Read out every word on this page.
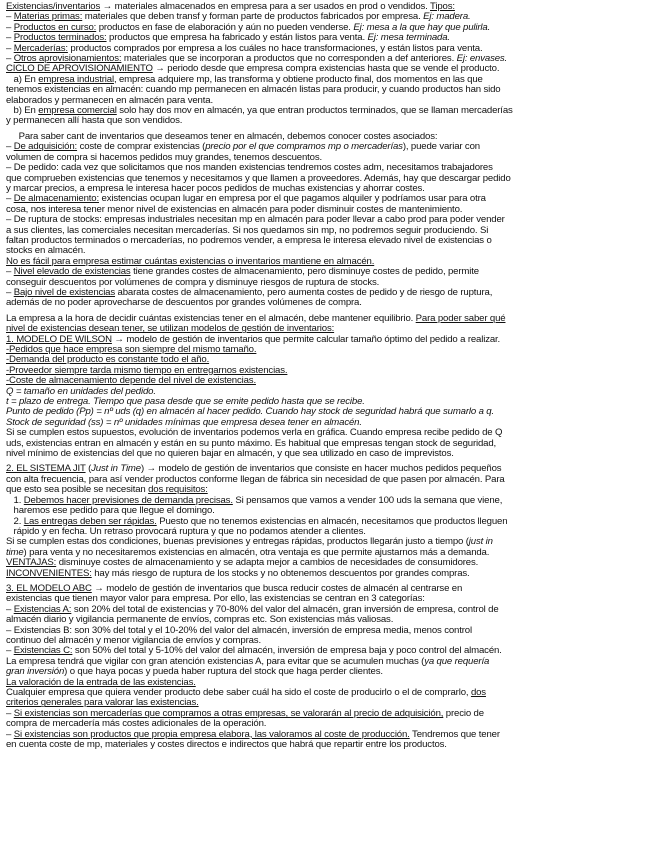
Existencias/inventarios → materiales almacenados en empresa para a ser usados en prod o vendidos. Tipos:
– Materias primas: materiales que deben transf y forman parte de productos fabricados por empresa. Ej: madera.
– Productos en curso: productos en fase de elaboración y aún no pueden venderse. Ej: mesa a la que hay que pulirla.
– Productos terminados: productos que empresa ha fabricado y están listos para venta. Ej: mesa terminada.
– Mercaderías: productos comprados por empresa a los cuáles no hace transformaciones, y están listos para venta.
– Otros aprovisionamientos: materiales que se incorporan a productos que no corresponden a def anteriores. Ej: envases.
CICLO DE APROVISIONAMIENTO → periodo desde que empresa compra existencias hasta que se vende el producto.
a) En empresa industrial, empresa adquiere mp, las transforma y obtiene producto final, dos momentos en las que
tenemos existencias en almacén: cuando mp permanecen en almacén listas para producir, y cuando productos han sido
elaborados y permanecen en almacén para venta.
b) En empresa comercial solo hay dos mov en almacén, ya que entran productos terminados, que se llaman mercaderías
y permanecen allí hasta que son vendidos.
Para saber cant de inventarios que deseamos tener en almacén, debemos conocer costes asociados:
– De adquisición: coste de comprar existencias (precio por el que compramos mp o mercaderías), puede variar con
volumen de compra si hacemos pedidos muy grandes, tenemos descuentos.
– De pedido: cada vez que solicitamos que nos manden existencias tendremos costes adm, necesitamos trabajadores
que comprueben existencias que tenemos y necesitamos y que llamen a proveedores. Además, hay que descargar pedido
y marcar precios, a empresa le interesa hacer pocos pedidos de muchas existencias y ahorrar costes.
– De almacenamiento: existencias ocupan lugar en empresa por el que pagamos alquiler y podríamos usar para otra
cosa, nos interesa tener menor nivel de existencias en almacén para poder disminuir costes de mantenimiento.
– De ruptura de stocks: empresas industriales necesitan mp en almacén para poder llevar a cabo prod para poder vender
a sus clientes, las comerciales necesitan mercaderías. Si nos quedamos sin mp, no podremos seguir produciendo. Si
faltan productos terminados o mercaderías, no podremos vender, a empresa le interesa elevado nivel de existencias o
stocks en almacén.
No es fácil para empresa estimar cuántas existencias o inventarios mantiene en almacén.
– Nivel elevado de existencias tiene grandes costes de almacenamiento, pero disminuye costes de pedido, permite
conseguir descuentos por volúmenes de compra y disminuye riesgos de ruptura de stocks.
– Bajo nivel de existencias abarata costes de almacenamiento, pero aumenta costes de pedido y de riesgo de ruptura,
además de no poder aprovecharse de descuentos por grandes volúmenes de compra.
La empresa a la hora de decidir cuántas existencias tener en el almacén, debe mantener equilibrio. Para poder saber qué
nivel de existencias desean tener, se utilizan modelos de gestión de inventarios:
1. MODELO DE WILSON → modelo de gestión de inventarios que permite calcular tamaño óptimo del pedido a realizar.
-Pedidos que hace empresa son siempre del mismo tamaño.
-Demanda del producto es constante todo el año.
-Proveedor siempre tarda mismo tiempo en entregarnos existencias.
-Coste de almacenamiento depende del nivel de existencias.
Q = tamaño en unidades del pedido.
t = plazo de entrega. Tiempo que pasa desde que se emite pedido hasta que se recibe.
Punto de pedido (Pp) = nº uds (q) en almacén al hacer pedido. Cuando hay stock de seguridad habrá que sumarlo a q.
Stock de seguridad (ss) = nº unidades mínimas que empresa desea tener en almacén.
Si se cumplen estos supuestos, evolución de inventarios podemos verla en gráfica. Cuando empresa recibe pedido de Q
uds, existencias entran en almacén y están en su punto máximo. Es habitual que empresas tengan stock de seguridad,
nivel mínimo de existencias del que no quieren bajar en almacén, y que sea utilizado en caso de imprevistos.
2. EL SISTEMA JIT (Just in Time) → modelo de gestión de inventarios que consiste en hacer muchos pedidos pequeños
con alta frecuencia, para así vender productos conforme llegan de fábrica sin necesidad de que pasen por almacén. Para
que esto sea posible se necesitan dos requisitos:
1. Debemos hacer previsiones de demanda precisas. Si pensamos que vamos a vender 100 uds la semana que viene,
haremos ese pedido para que llegue el domingo.
2. Las entregas deben ser rápidas. Puesto que no tenemos existencias en almacén, necesitamos que productos lleguen
rápido y en fecha. Un retraso provocará ruptura y que no podamos atender a clientes.
Si se cumplen estas dos condiciones, buenas previsiones y entregas rápidas, productos llegarán justo a tiempo (just in
time) para venta y no necesitaremos existencias en almacén, otra ventaja es que permite ajustarnos más a demanda.
VENTAJAS: disminuye costes de almacenamiento y se adapta mejor a cambios de necesidades de consumidores.
INCONVENIENTES: hay más riesgo de ruptura de los stocks y no obtenemos descuentos por grandes compras.
3. EL MODELO ABC → modelo de gestión de inventarios que busca reducir costes de almacén al centrarse en
existencias que tienen mayor valor para empresa. Por ello, las existencias se centran en 3 categorías:
– Existencias A: son 20% del total de existencias y 70-80% del valor del almacén, gran inversión de empresa, control de
almacén diario y vigilancia permanente de envíos, compras etc. Son existencias más valiosas.
– Existencias B: son 30% del total y el 10-20% del valor del almacén, inversión de empresa media, menos control
continuo del almacén y menor vigilancia de envíos y compras.
– Existencias C: son 50% del total y 5-10% del valor del almacén, inversión de empresa baja y poco control del almacén.
La empresa tendrá que vigilar con gran atención existencias A, para evitar que se acumulen muchas (ya que requería
gran inversión) o que haya pocas y pueda haber ruptura del stock que haga perder clientes.
La valoración de la entrada de las existencias.
Cualquier empresa que quiera vender producto debe saber cuál ha sido el coste de producirlo o el de comprarlo, dos
criterios generales para valorar las existencias.
– Si existencias son mercaderías que compramos a otras empresas, se valorarán al precio de adquisición, precio de
compra de mercadería más costes adicionales de la operación.
– Si existencias son productos que propia empresa elabora, las valoramos al coste de producción. Tendremos que tener
en cuenta coste de mp, materiales y costes directos e indirectos que habrá que repartir entre los productos.
